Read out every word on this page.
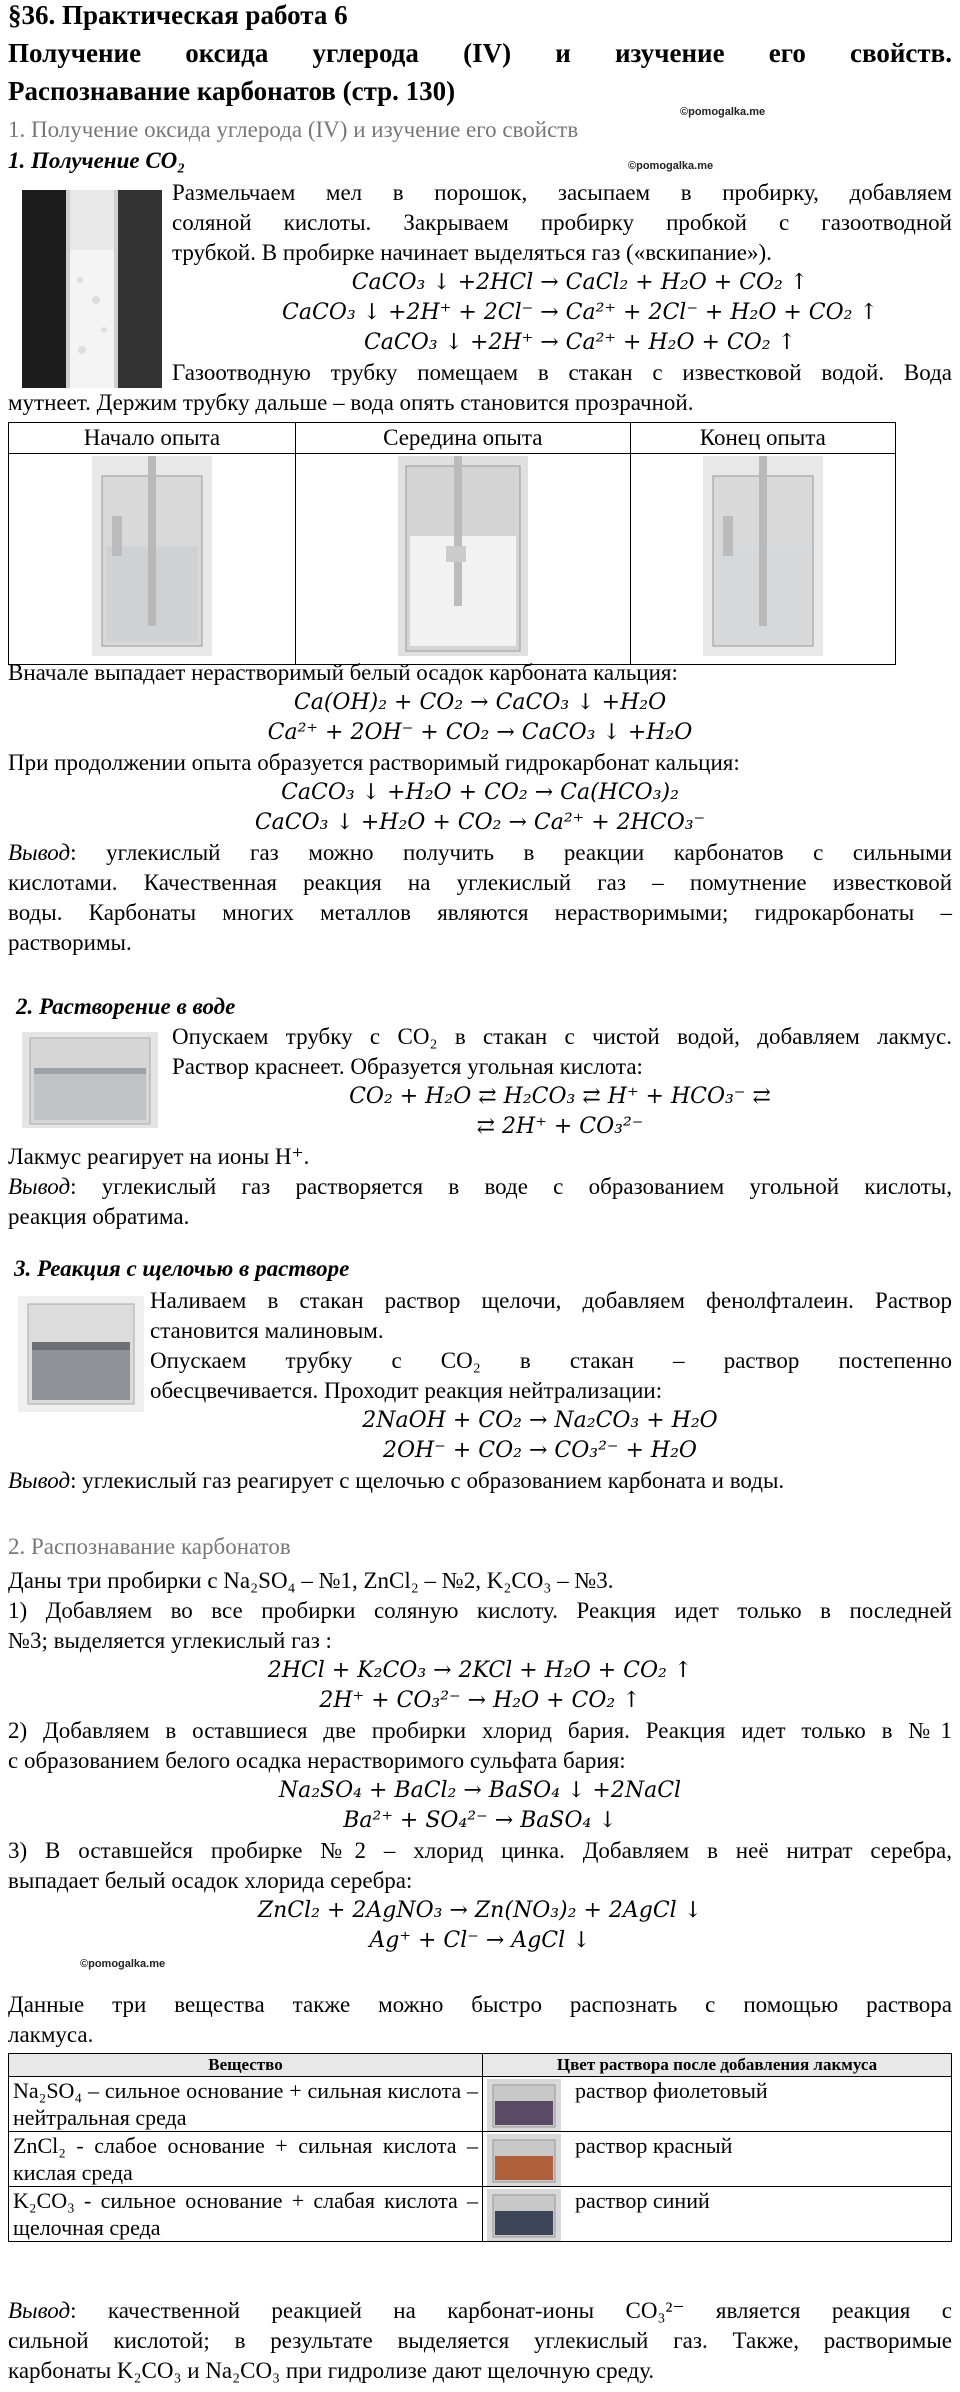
§36. Практическая работа 6
Получение оксида углерода (IV) и изучение его свойств.
Распознавание карбонатов (стр. 130)
©pomogalka.me
1. Получение оксида углерода (IV) и изучение его свойств
1. Получение CO₂	©pomogalka.me
Размельчаем мел в порошок, засыпаем в пробирку, добавляем
соляной кислоты. Закрываем пробирку пробкой с газоотводной
трубкой. В пробирке начинает выделяться газ («вскипание»).
CaCO₃ ↓ +2HCl → CaCl₂ + H₂O + CO₂ ↑
CaCO₃ ↓ +2H⁺ + 2Cl⁻ → Ca²⁺ + 2Cl⁻ + H₂O + CO₂ ↑
CaCO₃ ↓ +2H⁺ → Ca²⁺ + H₂O + CO₂ ↑
Газоотводную трубку помещаем в стакан с известковой водой. Вода
мутнеет. Держим трубку дальше – вода опять становится прозрачной.
Начало опыта	Середина опыта	Конец опыта

Вначале выпадает нерастворимый белый осадок карбоната кальция:
Ca(OH)₂ + CO₂ → CaCO₃ ↓ +H₂O
Ca²⁺ + 2OH⁻ + CO₂ → CaCO₃ ↓ +H₂O
При продолжении опыта образуется растворимый гидрокарбонат кальция:
CaCO₃ ↓ +H₂O + CO₂ → Ca(HCO₃)₂
CaCO₃ ↓ +H₂O + CO₂ → Ca²⁺ + 2HCO₃⁻
Вывод: углекислый газ можно получить в реакции карбонатов с сильными
кислотами. Качественная реакция на углекислый газ – помутнение известковой
воды. Карбонаты многих металлов являются нерастворимыми; гидрокарбонаты –
растворимы.
2. Растворение в воде
Опускаем трубку с CO₂ в стакан с чистой водой, добавляем лакмус.
Раствор краснеет. Образуется угольная кислота:
CO₂ + H₂O ⇄ H₂CO₃ ⇄ H⁺ + HCO₃⁻ ⇄
⇄ 2H⁺ + CO₃²⁻
Лакмус реагирует на ионы H⁺.
Вывод: углекислый газ растворяется в воде с образованием угольной кислоты,
реакция обратима.
3. Реакция с щелочью в растворе
Наливаем в стакан раствор щелочи, добавляем фенолфталеин. Раствор
становится малиновым.
Опускаем трубку с CO₂ в стакан – раствор постепенно
обесцвечивается. Проходит реакция нейтрализации:
2NaOH + CO₂ → Na₂CO₃ + H₂O
2OH⁻ + CO₂ → CO₃²⁻ + H₂O
Вывод: углекислый газ реагирует с щелочью с образованием карбоната и воды.
2. Распознавание карбонатов
Даны три пробирки с Na₂SO₄ – №1, ZnCl₂ – №2, K₂CO₃ – №3.
1) Добавляем во все пробирки соляную кислоту. Реакция идет только в последней
№3; выделяется углекислый газ :
2HCl + K₂CO₃ → 2KCl + H₂O + CO₂ ↑
2H⁺ + CO₃²⁻ → H₂O + CO₂ ↑
2) Добавляем в оставшиеся две пробирки хлорид бария. Реакция идет только в №1
с образованием белого осадка нерастворимого сульфата бария:
Na₂SO₄ + BaCl₂ → BaSO₄ ↓ +2NaCl
Ba²⁺ + SO₄²⁻ → BaSO₄ ↓
3) В оставшейся пробирке №2 – хлорид цинка. Добавляем в неё нитрат серебра,
выпадает белый осадок хлорида серебра:
ZnCl₂ + 2AgNO₃ → Zn(NO₃)₂ + 2AgCl ↓
Ag⁺ + Cl⁻ → AgCl ↓
©pomogalka.me
Данные три вещества также можно быстро распознать с помощью раствора
лакмуса.
Вещество	Цвет раствора после добавления лакмуса
Na₂SO₄ – сильное основание + сильная кислота – нейтральная среда	раствор фиолетовый

ZnCl₂ - слабое основание + сильная кислота – кислая среда	раствор красный

K₂CO₃ - сильное основание + слабая кислота – щелочная среда	раствор синий
Вывод: качественной реакцией на карбонат-ионы CO₃²⁻ является реакция с
сильной кислотой; в результате выделяется углекислый газ. Также, растворимые
карбонаты K₂CO₃ и Na₂CO₃ при гидролизе дают щелочную среду.
